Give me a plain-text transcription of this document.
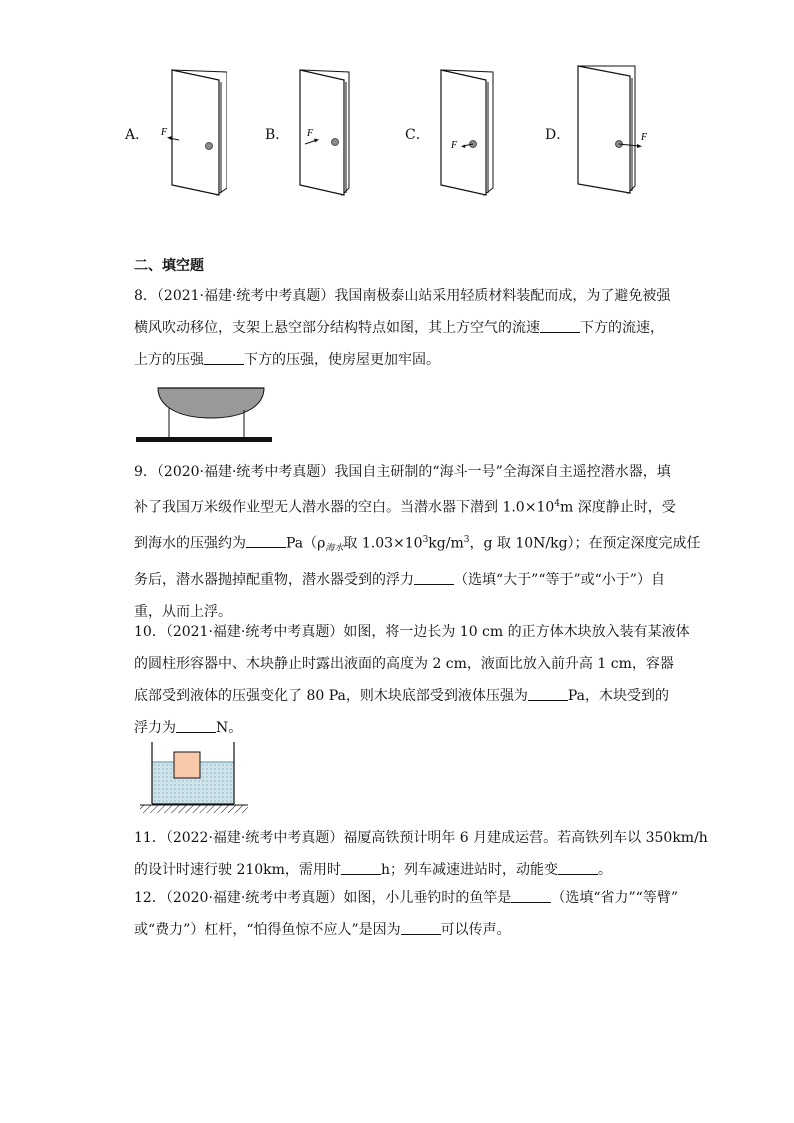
A． F	B． F	C．
F
D．	F
二、填空题

8．（2021·福建·统考中考真题）我国南极泰山站采用轻质材料装配而成，为了避免被强

横风吹动移位，支架上悬空部分结构特点如图，其上方空气的流速	下方的流速，

上方的压强	下方的压强，使房屋更加牢固。

9．（2020·福建·统考中考真题）我国自主研制的“海斗一号”全海深自主遥控潜水器，填

补了我国万米级作业型无人潜水器的空白。当潜水器下潜到 $1.0\times 10^4m$ 深度静止时，受

到海水的压强约为	$Pa(\rho_{海水}$取 $1.03\times 10^3kg/m^3$，g 取 10N/kg）；在预定深度完成任

务后，潜水器抛掉配重物，潜水器受到的浮力	（选填“大于”“等于”或“小于”）自

重，从而上浮。

10．（2021·福建·统考中考真题）如图，将一边长为 10 cm 的正方体木块放入装有某液体

的圆柱形容器中、木块静止时露出液面的高度为 2 cm，液面比放入前升高 1 cm，容器

底部受到液体的压强变化了 80 Pa，则木块底部受到液体压强为	Pa，木块受到的

浮力为	N。

11．（2022·福建·统考中考真题）福厦高铁预计明年 6 月建成运营。若高铁列车以 350km/h

的设计时速行驶 210km，需用时	h；列车减速进站时，动能变	。

12．（2020·福建·统考中考真题）如图，小儿垂钓时的鱼竿是	（选填“省力”“等臂”

或“费力”）杠杆，“怕得鱼惊不应人”是因为	可以传声。
